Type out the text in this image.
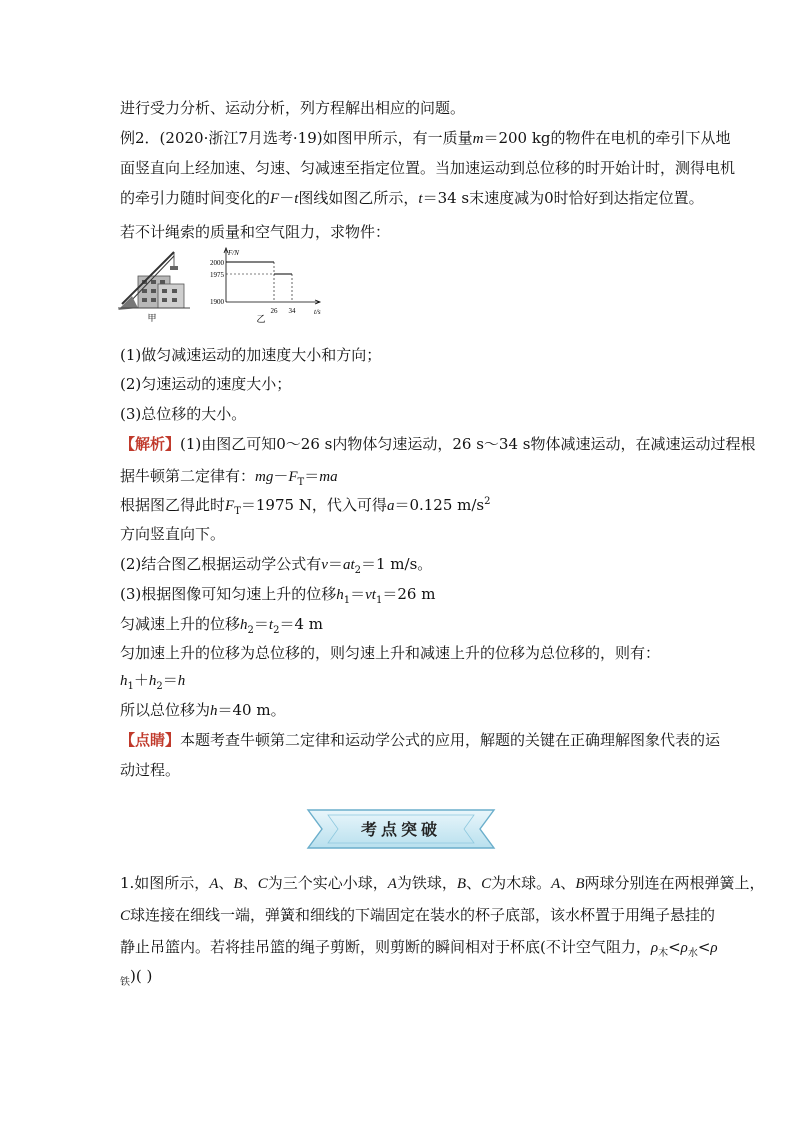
进行受力分析、运动分析，列方程解出相应的问题。
例2．(2020·浙江7月选考·19)如图甲所示，有一质量m＝200 kg的物件在电机的牵引下从地
面竖直向上经加速、匀速、匀减速至指定位置。当加速运动到总位移的时开始计时，测得电机
的牵引力随时间变化的F－t图线如图乙所示，t＝34 s末速度减为0时恰好到达指定位置。
若不计绳索的质量和空气阻力，求物件：
甲
F/N
t/s
2000
1975
1900
26 34
乙
(1)做匀减速运动的加速度大小和方向；
(2)匀速运动的速度大小；
(3)总位移的大小。
【解析】(1)由图乙可知0～26 s内物体匀速运动，26 s～34 s物体减速运动，在减速运动过程根
据牛顿第二定律有：$mg-F_T=ma$
根据图乙得此时$F_T=1975$ N，代入可得a＝0.125 $m/s^2$
方向竖直向下。
(2)结合图乙根据运动学公式有$v=at_2=1$ m/s。
(3)根据图像可知匀速上升的位移$h_1=vt_1=26$ m
匀减速上升的位移$h_2=t_2=4$ m
匀加速上升的位移为总位移的，则匀速上升和减速上升的位移为总位移的，则有：
$h_1+h_2=h$
所以总位移为h＝40 m。
【点睛】本题考查牛顿第二定律和运动学公式的应用，解题的关键在正确理解图象代表的运
动过程。
考点突破
1.如图所示，A、B、C为三个实心小球，A为铁球，B、C为木球。A、B两球分别连在两根弹簧上，
C球连接在细线一端，弹簧和细线的下端固定在装水的杯子底部，该水杯置于用绳子悬挂的
静止吊篮内。若将挂吊篮的绳子剪断，则剪断的瞬间相对于杯底(不计空气阻力，$\rho_木<\rho_水<\rho$
$_铁$)( )
